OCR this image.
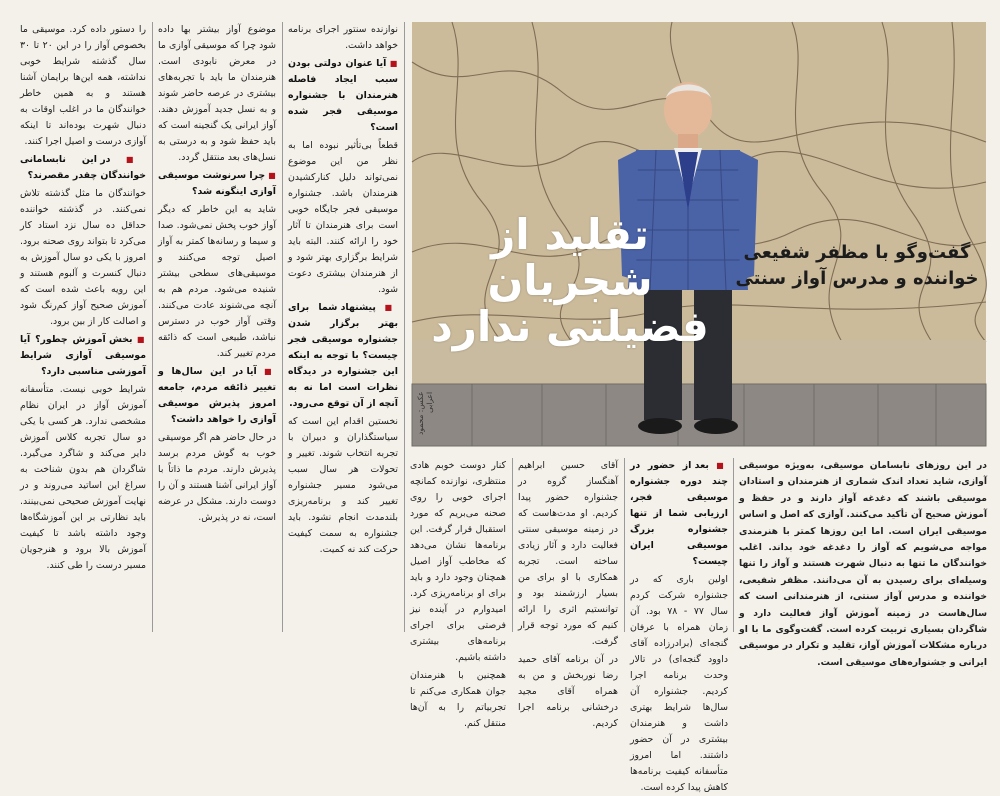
عکس: محمود اعرابی
تقلید از شجریان فضیلتی ندارد
گفت‌وگو با مظفر شفیعی خواننده و مدرس آواز سنتی
در این روزهای نابسامان موسیقی، به‌ویژه موسیقی آوازی، شاید تعداد اندک شماری از هنرمندان و استادان موسیقی باشند که دغدغه آواز دارند و در حفظ و آموزش صحیح آن تأکید می‌کنند. آوازی که اصل و اساس موسیقی ایران است. اما این روزها کمتر با هنرمندی مواجه می‌شویم که آواز را دغدغه خود بداند. اغلب خوانندگان ما تنها به دنبال شهرت هستند و آواز را تنها وسیله‌ای برای رسیدن به آن می‌دانند. مظفر شفیعی، خواننده و مدرس آواز سنتی، از هنرمندانی است که سال‌هاست در زمینه آموزش آواز فعالیت دارد و شاگردان بسیاری تربیت کرده است. گفت‌وگوی ما با او درباره مشکلات آموزش آواز، تقلید و تکرار در موسیقی ایرانی و جشنواره‌های موسیقی است.

را دستور داده کرد. موسیقی ما بخصوص آواز را در این ۲۰ تا ۳۰ سال گذشته شرایط خوبی نداشته، همه این‌ها برایمان آشنا هستند و به همین خاطر خوانندگان ما در اغلب اوقات به دنبال شهرت بوده‌اند تا اینکه آوازی درست و اصیل اجرا کنند.

■ در این نابسامانی خوانندگان چقدر مقصرند؟

خوانندگان ما مثل گذشته تلاش نمی‌کنند. در گذشته خواننده حداقل ده سال نزد استاد کار می‌کرد تا بتواند روی صحنه برود. امروز با یکی دو سال آموزش به دنبال کنسرت و آلبوم هستند و این رویه باعث شده است که آموزش صحیح آواز کم‌رنگ شود و اصالت کار از بین برود.

■ بخش آموزش چطور؟ آیا موسیقی آوازی شرایط آموزشی مناسبی دارد؟

شرایط خوبی نیست. متأسفانه آموزش آواز در ایران نظام مشخصی ندارد. هر کسی با یکی دو سال تجربه کلاس آموزش دایر می‌کند و شاگرد می‌گیرد. شاگردان هم بدون شناخت به سراغ این اساتید می‌روند و در نهایت آموزش صحیحی نمی‌بینند. باید نظارتی بر این آموزشگاه‌ها وجود داشته باشد تا کیفیت آموزش بالا برود و هنرجویان مسیر درست را طی کنند.

موضوع آواز بیشتر بها داده شود چرا که موسیقی آوازی ما در معرض نابودی است. هنرمندان ما باید با تجربه‌های بیشتری در عرصه حاضر شوند و به نسل جدید آموزش دهند. آواز ایرانی یک گنجینه است که باید حفظ شود و به درستی به نسل‌های بعد منتقل گردد.

■ چرا سرنوشت موسیقی آوازی اینگونه شد؟

شاید به این خاطر که دیگر آواز خوب پخش نمی‌شود. صدا و سیما و رسانه‌ها کمتر به آواز اصیل توجه می‌کنند و موسیقی‌های سطحی بیشتر شنیده می‌شود. مردم هم به آنچه می‌شنوند عادت می‌کنند. وقتی آواز خوب در دسترس نباشد، طبیعی است که ذائقه مردم تغییر کند.

■ آیا در این سال‌ها و تغییر ذائقه مردم، جامعه امروز پذیرش موسیقی آوازی را خواهد داشت؟

در حال حاضر هم اگر موسیقی خوب به گوش مردم برسد پذیرش دارند. مردم ما ذاتاً با آواز ایرانی آشنا هستند و آن را دوست دارند. مشکل در عرضه است، نه در پذیرش.

نوازنده سنتور اجرای برنامه خواهد داشت.

■ آیا عنوان دولتی بودن سبب ایجاد فاصله هنرمندان با جشنواره موسیقی فجر شده است؟

قطعاً بی‌تأثیر نبوده اما به نظر من این موضوع نمی‌تواند دلیل کنارکشیدن هنرمندان باشد. جشنواره موسیقی فجر جایگاه خوبی است برای هنرمندان تا آثار خود را ارائه کنند. البته باید شرایط برگزاری بهتر شود و از هنرمندان بیشتری دعوت شود.

■ پیشنهاد شما برای بهتر برگزار شدن جشنواره موسیقی فجر چیست؟ با توجه به اینکه این جشنواره در دیدگاه نظرات است اما نه به آنچه از آن توقع می‌رود.

نخستین اقدام این است که سیاستگذاران و دبیران با تجربه انتخاب شوند. تغییر و تحولات هر سال سبب می‌شود مسیر جشنواره تغییر کند و برنامه‌ریزی بلندمدت انجام نشود. باید جشنواره به سمت کیفیت حرکت کند نه کمیت.

کنار دوست خوبم هادی منتظری، نوازنده کمانچه اجرای خوبی را روی صحنه می‌بریم که مورد استقبال قرار گرفت. این برنامه‌ها نشان می‌دهد که مخاطب آواز اصیل همچنان وجود دارد و باید برای او برنامه‌ریزی کرد. امیدوارم در آینده نیز فرصتی برای اجرای برنامه‌های بیشتری داشته باشیم.

همچنین با هنرمندان جوان همکاری می‌کنم تا تجربیاتم را به آن‌ها منتقل کنم.

آقای حسین ابراهیم آهنگساز گروه در جشنواره حضور پیدا کردیم. او مدت‌هاست که در زمینه موسیقی سنتی فعالیت دارد و آثار زیادی ساخته است. تجربه همکاری با او برای من بسیار ارزشمند بود و توانستیم اثری را ارائه کنیم که مورد توجه قرار گرفت.

در آن برنامه آقای حمید رضا نوربخش و من به همراه آقای مجید درخشانی برنامه اجرا کردیم.

■ بعد از حضور در چند دوره جشنواره موسیقی فجر، ارزیابی شما از تنها جشنواره بزرگ موسیقی ایران چیست؟

اولین باری که در جشنواره شرکت کردم سال ۷۷ - ۷۸ بود. آن زمان همراه با عرفان گنجه‌ای (برادرزاده آقای داوود گنجه‌ای) در تالار وحدت برنامه اجرا کردیم. جشنواره آن سال‌ها شرایط بهتری داشت و هنرمندان بیشتری در آن حضور داشتند. اما امروز متأسفانه کیفیت برنامه‌ها کاهش پیدا کرده است.
